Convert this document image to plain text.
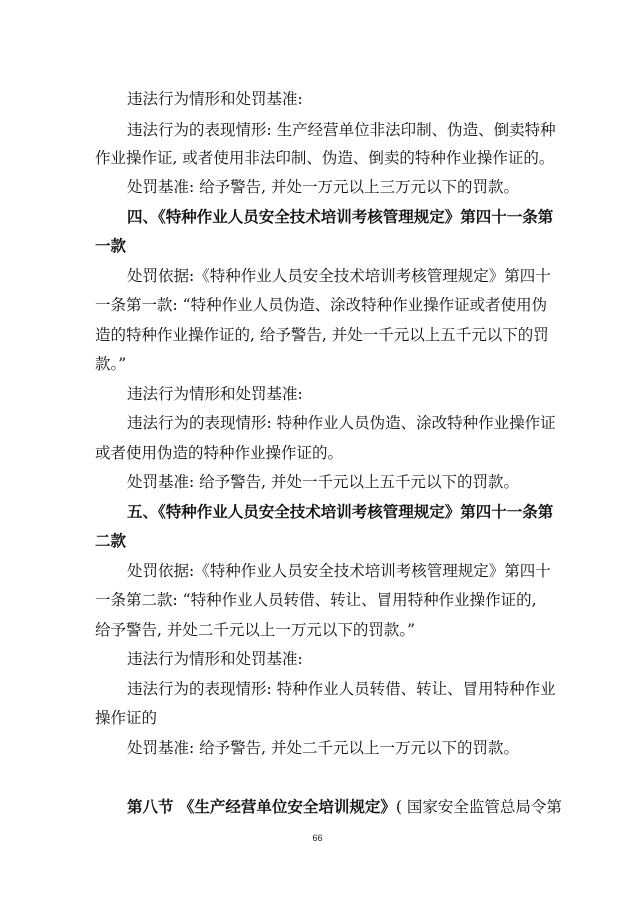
违法行为情形和处罚基准:
违法行为的表现情形: 生产经营单位非法印制、伪造、倒卖特种
作业操作证, 或者使用非法印制、伪造、倒卖的特种作业操作证的。
处罚基准: 给予警告, 并处一万元以上三万元以下的罚款。
四、《特种作业人员安全技术培训考核管理规定》第四十一条第
一款
处罚依据:《特种作业人员安全技术培训考核管理规定》第四十
一条第一款: “特种作业人员伪造、涂改特种作业操作证或者使用伪
造的特种作业操作证的, 给予警告, 并处一千元以上五千元以下的罚
款。”
违法行为情形和处罚基准:
违法行为的表现情形: 特种作业人员伪造、涂改特种作业操作证
或者使用伪造的特种作业操作证的。
处罚基准: 给予警告, 并处一千元以上五千元以下的罚款。
五、《特种作业人员安全技术培训考核管理规定》第四十一条第
二款
处罚依据:《特种作业人员安全技术培训考核管理规定》第四十
一条第二款: “特种作业人员转借、转让、冒用特种作业操作证的,
给予警告, 并处二千元以上一万元以下的罚款。”
违法行为情形和处罚基准:
违法行为的表现情形: 特种作业人员转借、转让、冒用特种作业
操作证的
处罚基准: 给予警告, 并处二千元以上一万元以下的罚款。
第八节 《生产经营单位安全培训规定》( 国家安全监管总局令第
66
